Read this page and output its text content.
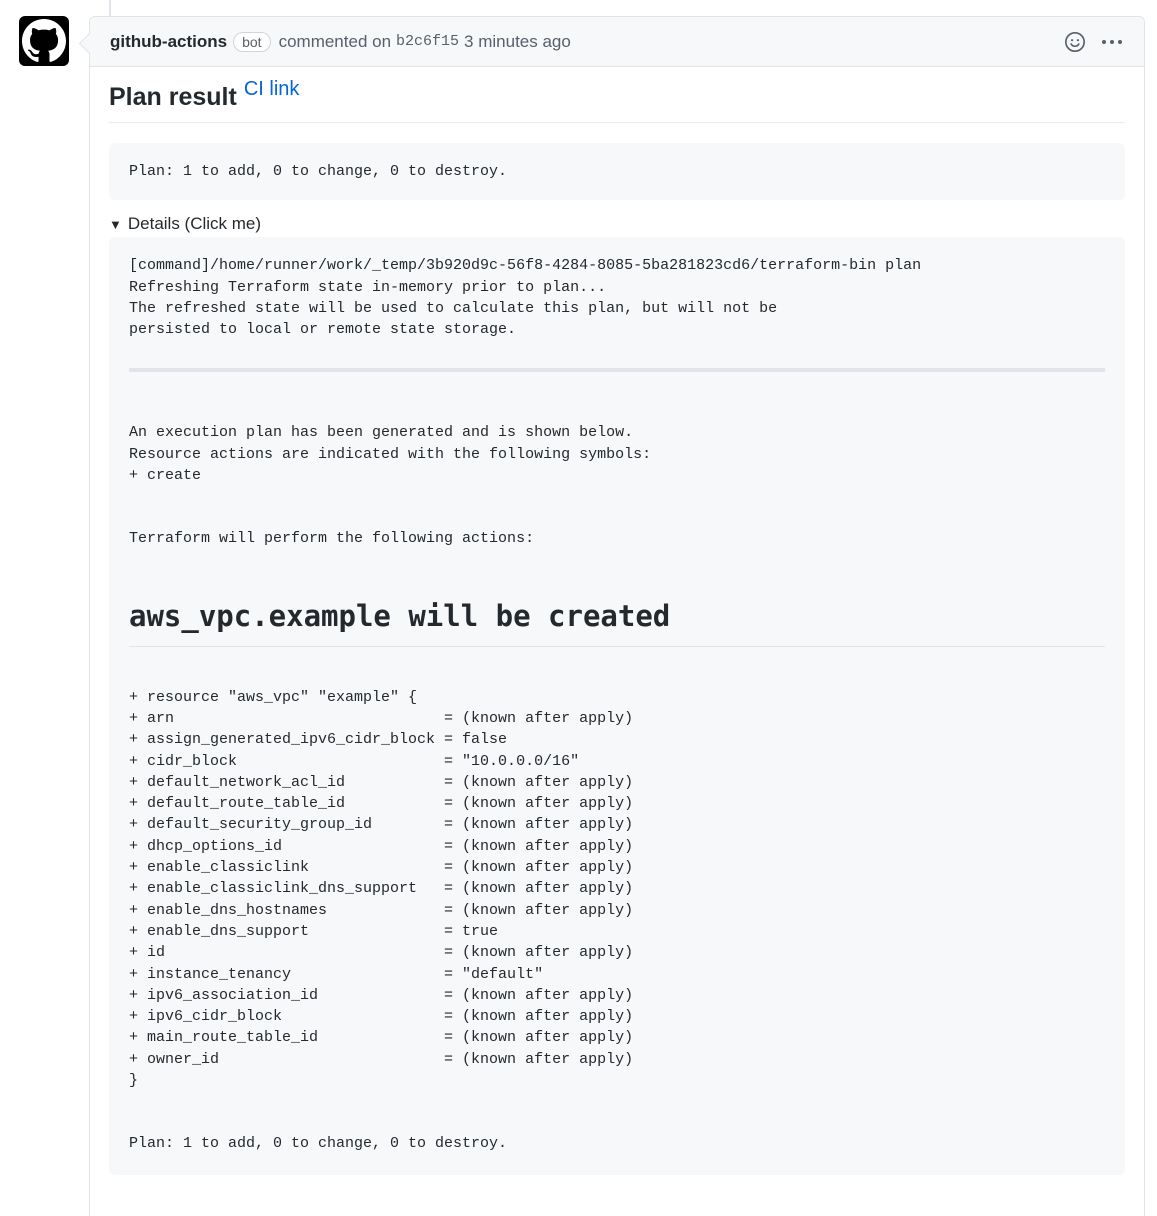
github-actions	bot	commented on b2c6f15 3 minutes ago
Plan result CI link
Plan: 1 to add, 0 to change, 0 to destroy.
▼ Details (Click me)
[command]/home/runner/work/_temp/3b920d9c-56f8-4284-8085-5ba281823cd6/terraform-bin plan
Refreshing Terraform state in-memory prior to plan...
The refreshed state will be used to calculate this plan, but will not be
persisted to local or remote state storage.
An execution plan has been generated and is shown below.
Resource actions are indicated with the following symbols:
+ create
Terraform will perform the following actions:
aws_vpc.example will be created
+ resource "aws_vpc" "example" {
+ arn                              = (known after apply)
+ assign_generated_ipv6_cidr_block = false
+ cidr_block                       = "10.0.0.0/16"
+ default_network_acl_id           = (known after apply)
+ default_route_table_id           = (known after apply)
+ default_security_group_id        = (known after apply)
+ dhcp_options_id                  = (known after apply)
+ enable_classiclink               = (known after apply)
+ enable_classiclink_dns_support   = (known after apply)
+ enable_dns_hostnames             = (known after apply)
+ enable_dns_support               = true
+ id                               = (known after apply)
+ instance_tenancy                 = "default"
+ ipv6_association_id              = (known after apply)
+ ipv6_cidr_block                  = (known after apply)
+ main_route_table_id              = (known after apply)
+ owner_id                         = (known after apply)
}
Plan: 1 to add, 0 to change, 0 to destroy.
